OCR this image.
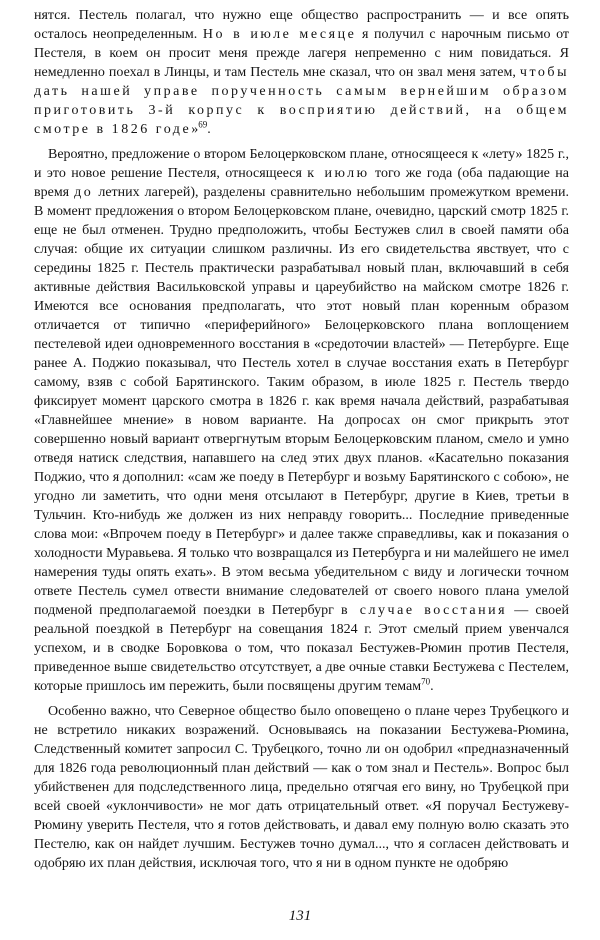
нятся. Пестель полагал, что нужно еще общество распространить — и все опять осталось неопределенным. Но в июле месяце я получил с нарочным письмо от Пестеля, в коем он просит меня прежде лагеря непременно с ним повидаться. Я немедленно поехал в Линцы, и там Пестель мне сказал, что он звал меня затем, чтобы дать нашей управе порученность самым вернейшим образом приготовить 3-й корпус к восприятию действий, на общем смотре в 1826 годе»$^{69}$.

Вероятно, предложение о втором Белоцерковском плане, относящееся к «лету» 1825 г., и это новое решение Пестеля, относящееся к июлю того же года (оба падающие на время до летних лагерей), разделены сравнительно небольшим промежутком времени. В момент предложения о втором Белоцерковском плане, очевидно, царский смотр 1825 г. еще не был отменен. Трудно предположить, чтобы Бестужев слил в своей памяти оба случая: общие их ситуации слишком различны. Из его свидетельства явствует, что с середины 1825 г. Пестель практически разрабатывал новый план, включавший в себя активные действия Васильковской управы и цареубийство на майском смотре 1826 г. Имеются все основания предполагать, что этот новый план коренным образом отличается от типично «периферийного» Белоцерковского плана воплощением пестелевой идеи одновременного восстания в «средоточии властей» — Петербурге. Еще ранее А. Поджио показывал, что Пестель хотел в случае восстания ехать в Петербург самому, взяв с собой Барятинского. Таким образом, в июле 1825 г. Пестель твердо фиксирует момент царского смотра в 1826 г. как время начала действий, разрабатывая «Главнейшее мнение» в новом варианте. На допросах он смог прикрыть этот совершенно новый вариант отвергнутым вторым Белоцерковским планом, смело и умно отведя натиск следствия, напавшего на след этих двух планов. «Касательно показания Поджио, что я дополнил: «сам же поеду в Петербург и возьму Барятинского с собою», не угодно ли заметить, что одни меня отсылают в Петербург, другие в Киев, третьи в Тульчин. Кто-нибудь же должен из них неправду говорить... Последние приведенные слова мои: «Впрочем поеду в Петербург» и далее также справедливы, как и показания о холодности Муравьева. Я только что возвращался из Петербурга и ни малейшего не имел намерения туды опять ехать». В этом весьма убедительном с виду и логически точном ответе Пестель сумел отвести внимание следователей от своего нового плана умелой подменой предполагаемой поездки в Петербург в случае восстания — своей реальной поездкой в Петербург на совещания 1824 г. Этот смелый прием увенчался успехом, и в сводке Боровкова о том, что показал Бестужев-Рюмин против Пестеля, приведенное выше свидетельство отсутствует, а две очные ставки Бестужева с Пестелем, которые пришлось им пережить, были посвящены другим темам$^{70}$.

Особенно важно, что Северное общество было оповещено о плане через Трубецкого и не встретило никаких возражений. Основываясь на показании Бестужева-Рюмина, Следственный комитет запросил С. Трубецкого, точно ли он одобрил «предназначенный для 1826 года революционный план действий — как о том знал и Пестель». Вопрос был убийственен для подследственного лица, предельно отягчая его вину, но Трубецкой при всей своей «уклончивости» не мог дать отрицательный ответ. «Я поручал Бестужеву-Рюмину уверить Пестеля, что я готов действовать, и давал ему полную волю сказать это Пестелю, как он найдет лучшим. Бестужев точно думал..., что я согласен действовать и одобряю их план действия, исключая того, что я ни в одном пункте не одобряю

131
